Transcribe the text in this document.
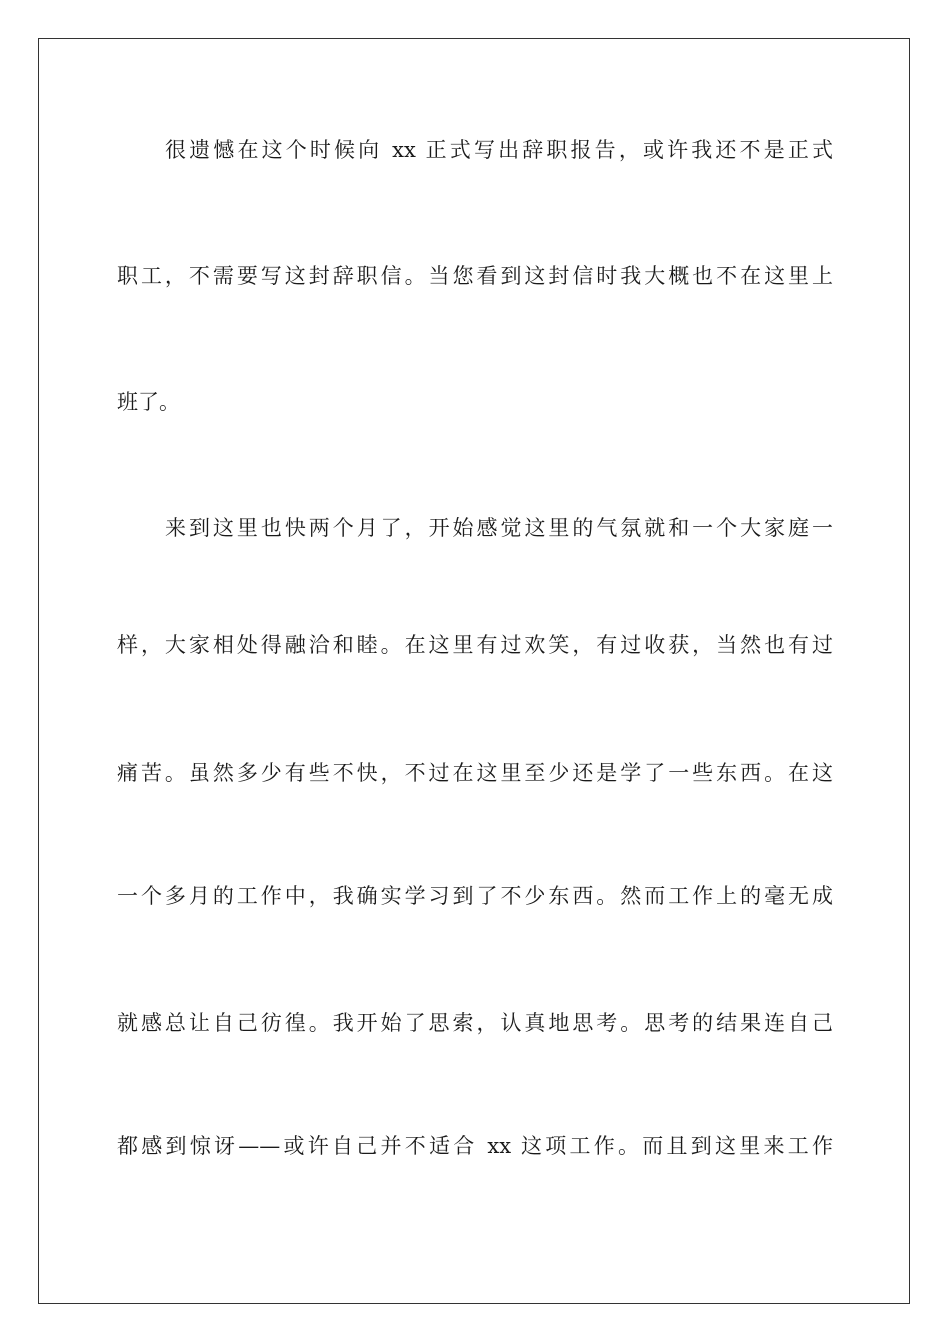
很遗憾在这个时候向 xx 正式写出辞职报告，或许我还不是正式
职工，不需要写这封辞职信。当您看到这封信时我大概也不在这里上
班了。
来到这里也快两个月了，开始感觉这里的气氛就和一个大家庭一
样，大家相处得融洽和睦。在这里有过欢笑，有过收获，当然也有过
痛苦。虽然多少有些不快，不过在这里至少还是学了一些东西。在这
一个多月的工作中，我确实学习到了不少东西。然而工作上的毫无成
就感总让自己彷徨。我开始了思索，认真地思考。思考的结果连自己
都感到惊讶——或许自己并不适合 xx 这项工作。而且到这里来工作
